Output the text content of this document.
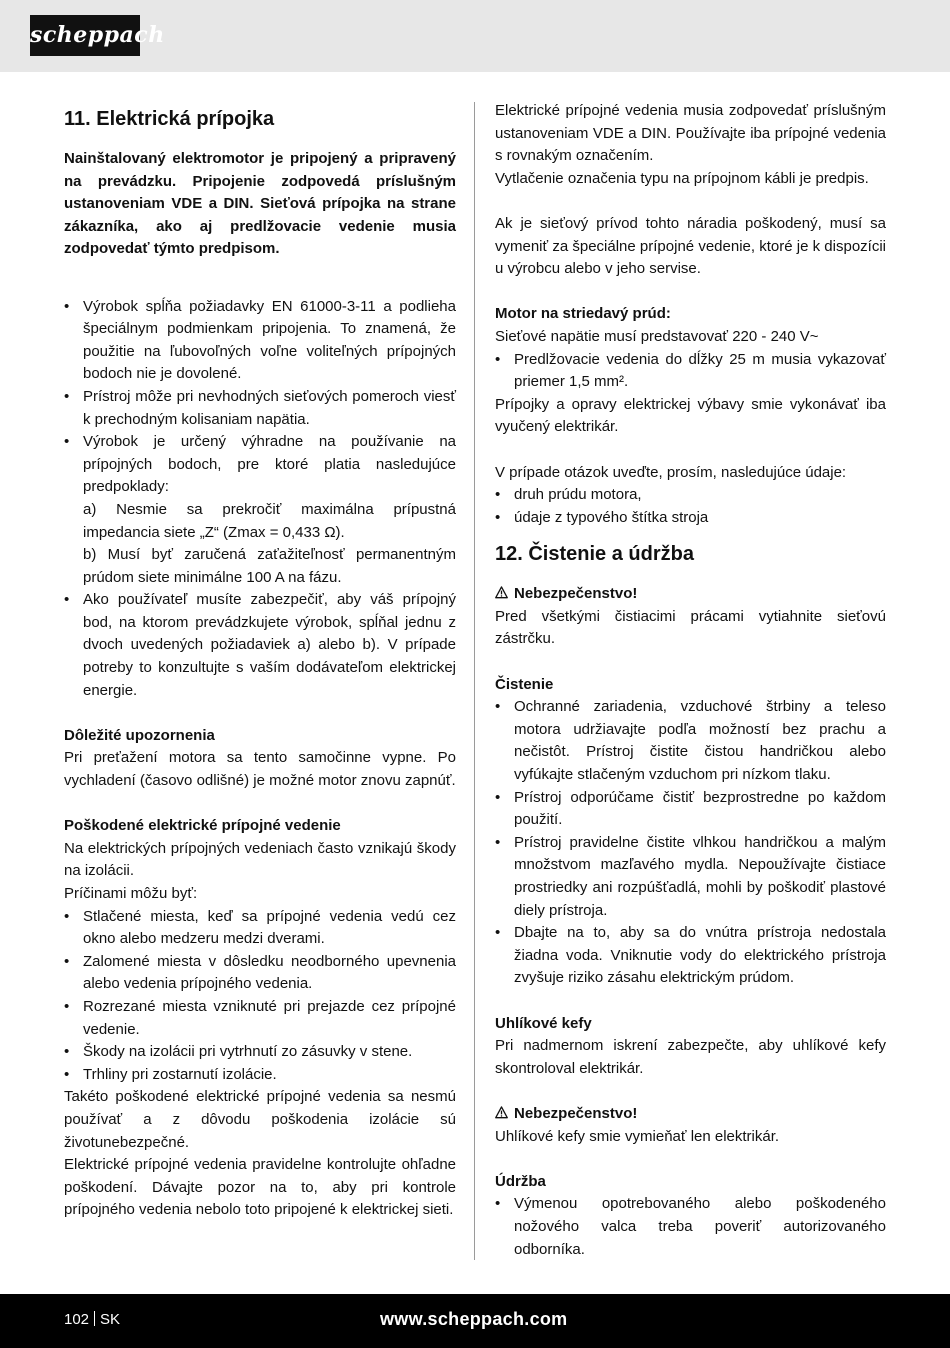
scheppach
11. Elektrická prípojka

Nainštalovaný elektromotor je pripojený a pripravený na prevádzku. Pripojenie zodpovedá príslušným ustanoveniam VDE a DIN. Sieťová prípojka na strane zákazníka, ako aj predlžovacie vedenie musia zodpovedať týmto predpisom.

• Výrobok spĺňa požiadavky EN 61000-3-11 a podlieha špeciálnym podmienkam pripojenia. To znamená, že použitie na ľubovoľných voľne voliteľných prípojných bodoch nie je dovolené.
• Prístroj môže pri nevhodných sieťových pomeroch viesť k prechodným kolisaniam napätia.
• Výrobok je určený výhradne na používanie na prípojných bodoch, pre ktoré platia nasledujúce predpoklady:

a) Nesmie sa prekročiť maximálna prípustná impedancia siete „Z“ (Zmax = 0,433 Ω).

b) Musí byť zaručená zaťažiteľnosť permanentným prúdom siete minimálne 100 A na fázu.

• Ako používateľ musíte zabezpečiť, aby váš prípojný bod, na ktorom prevádzkujete výrobok, spĺňal jednu z dvoch uvedených požiadaviek a) alebo b). V prípade potreby to konzultujte s vaším dodávateľom elektrickej energie.

Dôležité upozornenia

Pri preťažení motora sa tento samočinne vypne. Po vychladení (časovo odlišné) je možné motor znovu zapnúť.

Poškodené elektrické prípojné vedenie

Na elektrických prípojných vedeniach často vznikajú škody na izolácii.

Príčinami môžu byť:

• Stlačené miesta, keď sa prípojné vedenia vedú cez okno alebo medzeru medzi dverami.
• Zalomené miesta v dôsledku neodborného upevnenia alebo vedenia prípojného vedenia.
• Rozrezané miesta vzniknuté pri prejazde cez prípojné vedenie.
• Škody na izolácii pri vytrhnutí zo zásuvky v stene.
• Trhliny pri zostarnutí izolácie.

Takéto poškodené elektrické prípojné vedenia sa nesmú používať a z dôvodu poškodenia izolácie sú životunebezpečné.

Elektrické prípojné vedenia pravidelne kontrolujte ohľadne poškodení. Dávajte pozor na to, aby pri kontrole prípojného vedenia nebolo toto pripojené k elektrickej sieti.

Elektrické prípojné vedenia musia zodpovedať príslušným ustanoveniam VDE a DIN. Používajte iba prípojné vedenia s rovnakým označením.

Vytlačenie označenia typu na prípojnom kábli je predpis.

Ak je sieťový prívod tohto náradia poškodený, musí sa vymeniť za špeciálne prípojné vedenie, ktoré je k dispozícii u výrobcu alebo v jeho servise.

Motor na striedavý prúd:

Sieťové napätie musí predstavovať 220 - 240 V~

• Predlžovacie vedenia do dĺžky 25 m musia vykazovať priemer 1,5 mm².

Prípojky a opravy elektrickej výbavy smie vykonávať iba vyučený elektrikár.

V prípade otázok uveďte, prosím, nasledujúce údaje:

• druh prúdu motora,
• údaje z typového štítka stroja
12. Čistenie a údržba

Nebezpečenstvo!

Pred všetkými čistiacimi prácami vytiahnite sieťovú zástrčku.

Čistenie

• Ochranné zariadenia, vzduchové štrbiny a teleso motora udržiavajte podľa možností bez prachu a nečistôt. Prístroj čistite čistou handričkou alebo vyfúkajte stlačeným vzduchom pri nízkom tlaku.
• Prístroj odporúčame čistiť bezprostredne po každom použití.
• Prístroj pravidelne čistite vlhkou handričkou a malým množstvom mazľavého mydla. Nepoužívajte čistiace prostriedky ani rozpúšťadlá, mohli by poškodiť plastové diely prístroja.
• Dbajte na to, aby sa do vnútra prístroja nedostala žiadna voda. Vniknutie vody do elektrického prístroja zvyšuje riziko zásahu elektrickým prúdom.

Uhlíkové kefy

Pri nadmernom iskrení zabezpečte, aby uhlíkové kefy skontroloval elektrikár.

Nebezpečenstvo!

Uhlíkové kefy smie vymieňať len elektrikár.

Údržba

• Výmenou opotrebovaného alebo poškodeného nožového valca treba poveriť autorizovaného odborníka.
102 SK	www.scheppach.com
